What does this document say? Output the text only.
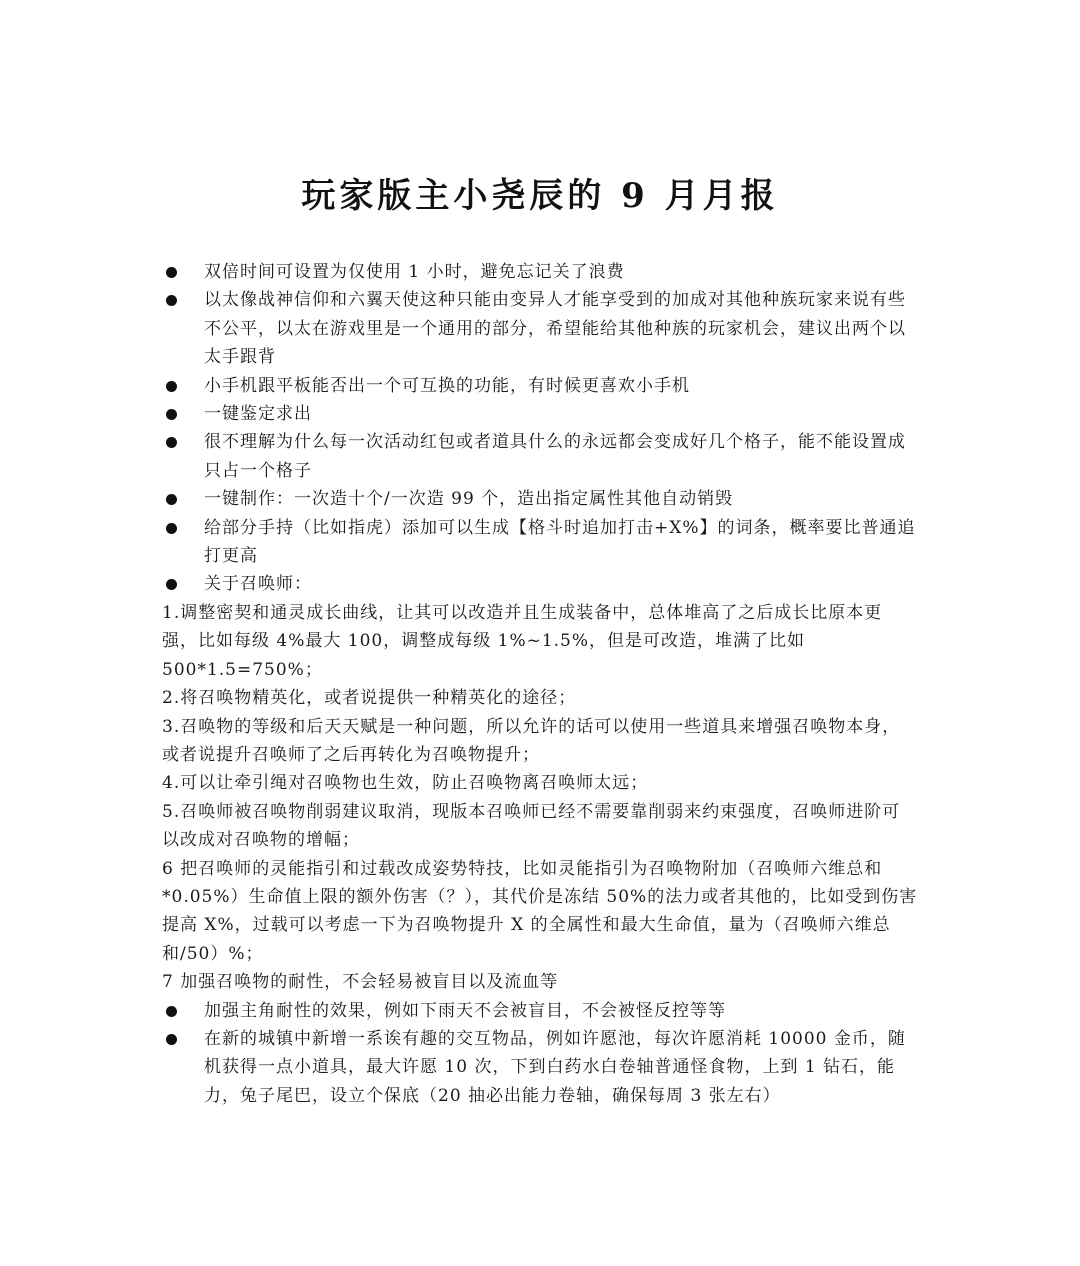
玩家版主小尧辰的 9 月月报
双倍时间可设置为仅使用 1 小时，避免忘记关了浪费
以太像战神信仰和六翼天使这种只能由变异人才能享受到的加成对其他种族玩家来说有些不公平，以太在游戏里是一个通用的部分，希望能给其他种族的玩家机会，建议出两个以太手跟背
小手机跟平板能否出一个可互换的功能，有时候更喜欢小手机
一键鉴定求出
很不理解为什么每一次活动红包或者道具什么的永远都会变成好几个格子，能不能设置成只占一个格子
一键制作：一次造十个/一次造 99 个，造出指定属性其他自动销毁
给部分手持（比如指虎）添加可以生成【格斗时追加打击+X%】的词条，概率要比普通追打更高
关于召唤师：
1.调整密契和通灵成长曲线，让其可以改造并且生成装备中，总体堆高了之后成长比原本更强，比如每级 4%最大 100，调整成每级 1%~1.5%，但是可改造，堆满了比如 500*1.5=750%；
2.将召唤物精英化，或者说提供一种精英化的途径；
3.召唤物的等级和后天天赋是一种问题，所以允许的话可以使用一些道具来增强召唤物本身，或者说提升召唤师了之后再转化为召唤物提升；
4.可以让牵引绳对召唤物也生效，防止召唤物离召唤师太远；
5.召唤师被召唤物削弱建议取消，现版本召唤师已经不需要靠削弱来约束强度，召唤师进阶可以改成对召唤物的增幅；
6 把召唤师的灵能指引和过载改成姿势特技，比如灵能指引为召唤物附加（召唤师六维总和*0.05%）生命值上限的额外伤害（？），其代价是冻结 50%的法力或者其他的，比如受到伤害提高 X%，过载可以考虑一下为召唤物提升 X 的全属性和最大生命值，量为（召唤师六维总和/50）%；
7 加强召唤物的耐性，不会轻易被盲目以及流血等
加强主角耐性的效果，例如下雨天不会被盲目，不会被怪反控等等
在新的城镇中新增一系诶有趣的交互物品，例如许愿池，每次许愿消耗 10000 金币，随机获得一点小道具，最大许愿 10 次，下到白药水白卷轴普通怪食物，上到 1 钻石，能力，兔子尾巴，设立个保底（20 抽必出能力卷轴，确保每周 3 张左右）
